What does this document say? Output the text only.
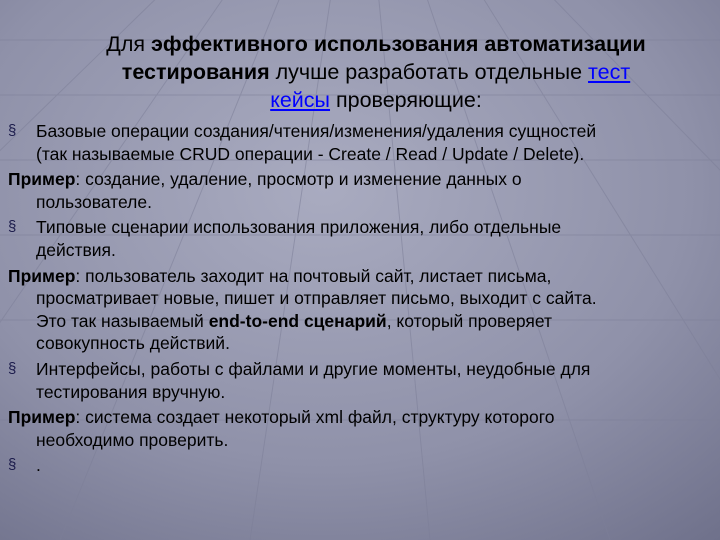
Для эффективного использования автоматизации
тестирования лучше разработать отдельные тест
кейсы проверяющие:
§ Базовые операции создания/чтения/изменения/удаления сущностей
(так называемые CRUD операции - Create / Read / Update / Delete).
Пример: создание, удаление, просмотр и изменение данных о
пользователе.
§ Типовые сценарии использования приложения, либо отдельные
действия.
Пример: пользователь заходит на почтовый сайт, листает письма,
просматривает новые, пишет и отправляет письмо, выходит с сайта.
Это так называемый end-to-end сценарий, который проверяет
совокупность действий.
§ Интерфейсы, работы с файлами и другие моменты, неудобные для
тестирования вручную.
Пример: система создает некоторый xml файл, структуру которого
необходимо проверить.
§ .
